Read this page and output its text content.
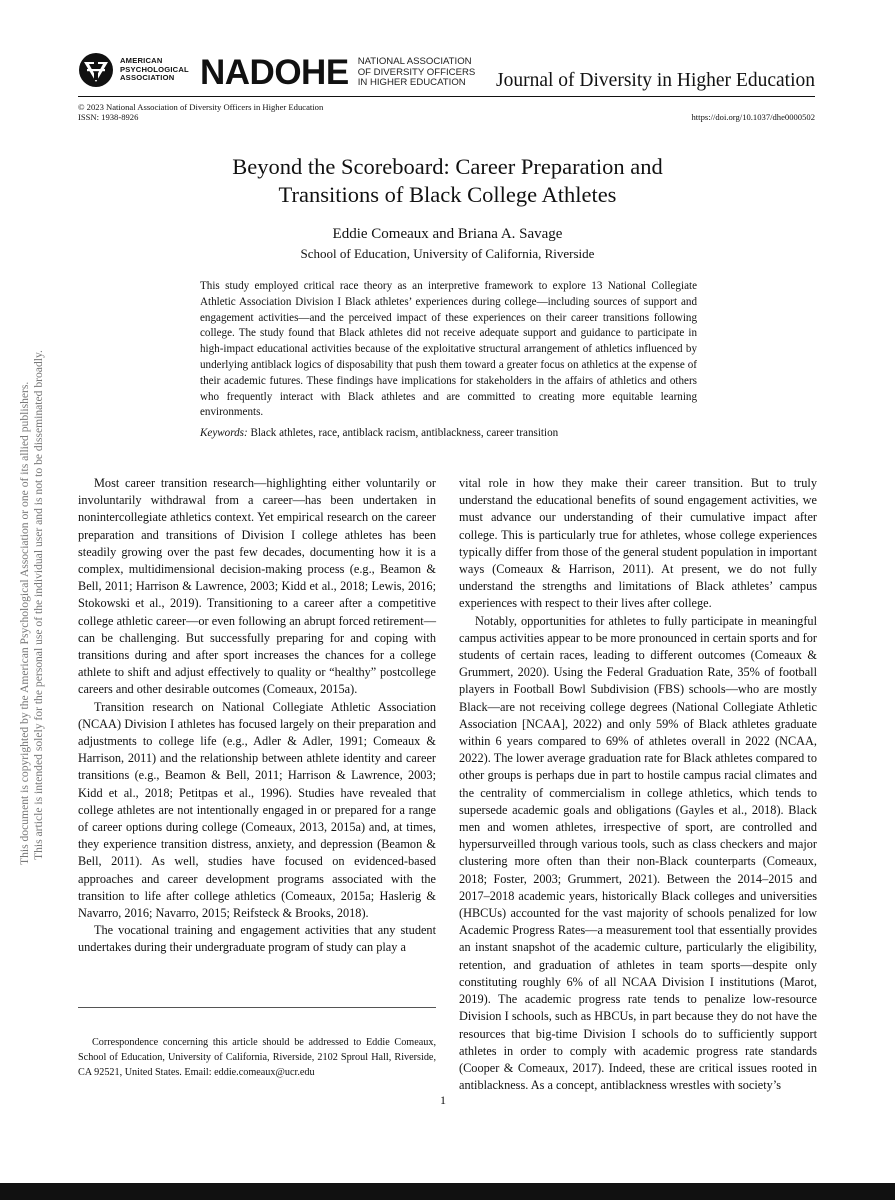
AMERICAN
PSYCHOLOGICAL
ASSOCIATION NADOHE NATIONAL ASSOCIATION
OF DIVERSITY OFFICERS
IN HIGHER EDUCATION	Journal of Diversity in Higher Education
© 2023 National Association of Diversity Officers in Higher Education
ISSN: 1938-8926	https://doi.org/10.1037/dhe0000502
Beyond the Scoreboard: Career Preparation and
Transitions of Black College Athletes
Eddie Comeaux and Briana A. Savage
School of Education, University of California, Riverside

This study employed critical race theory as an interpretive framework to explore 13 National Collegiate Athletic Association Division I Black athletes’ experiences during college—including sources of support and engagement activities—and the perceived impact of these experiences on their career transitions following college. The study found that Black athletes did not receive adequate support and guidance to participate in high-impact educational activities because of the exploitative structural arrangement of athletics influenced by underlying antiblack logics of disposability that push them toward a greater focus on athletics at the expense of their academic futures. These findings have implications for stakeholders in the affairs of athletics and others who frequently interact with Black athletes and are committed to creating more equitable learning environments.

Keywords: Black athletes, race, antiblack racism, antiblackness, career transition
This document is copyrighted by the American Psychological Association or one of its allied publishers. This article is intended solely for the personal use of the individual user and is not to be disseminated broadly.	Most career transition research—highlighting either voluntarily or involuntarily withdrawal from a career—has been undertaken in nonintercollegiate athletics context. Yet empirical research on the career preparation and transitions of Division I college athletes has been steadily growing over the past few decades, documenting how it is a complex, multidimensional decision-making process (e.g., Beamon & Bell, 2011; Harrison & Lawrence, 2003; Kidd et al., 2018; Lewis, 2016; Stokowski et al., 2019). Transitioning to a career after a competitive college athletic career—or even following an abrupt forced retirement—can be challenging. But successfully preparing for and coping with transitions during and after sport increases the chances for a college athlete to shift and adjust effectively to quality or “healthy” postcollege careers and other desirable outcomes (Comeaux, 2015a).

Transition research on National Collegiate Athletic Association (NCAA) Division I athletes has focused largely on their preparation and adjustments to college life (e.g., Adler & Adler, 1991; Comeaux & Harrison, 2011) and the relationship between athlete identity and career transitions (e.g., Beamon & Bell, 2011; Harrison & Lawrence, 2003; Kidd et al., 2018; Petitpas et al., 1996). Studies have revealed that college athletes are not intentionally engaged in or prepared for a range of career options during college (Comeaux, 2013, 2015a) and, at times, they experience transition distress, anxiety, and depression (Beamon & Bell, 2011). As well, studies have focused on evidenced-based approaches and career development programs associated with the transition to life after college athletics (Comeaux, 2015a; Haslerig & Navarro, 2016; Navarro, 2015; Reifsteck & Brooks, 2018).

The vocational training and engagement activities that any student undertakes during their undergraduate program of study can play a

vital role in how they make their career transition. But to truly understand the educational benefits of sound engagement activities, we must advance our understanding of their cumulative impact after college. This is particularly true for athletes, whose college experiences typically differ from those of the general student population in important ways (Comeaux & Harrison, 2011). At present, we do not fully understand the strengths and limitations of Black athletes’ campus experiences with respect to their lives after college.

Notably, opportunities for athletes to fully participate in meaningful campus activities appear to be more pronounced in certain sports and for students of certain races, leading to different outcomes (Comeaux & Grummert, 2020). Using the Federal Graduation Rate, 35% of football players in Football Bowl Subdivision (FBS) schools—who are mostly Black—are not receiving college degrees (National Collegiate Athletic Association [NCAA], 2022) and only 59% of Black athletes graduate within 6 years compared to 69% of athletes overall in 2022 (NCAA, 2022). The lower average graduation rate for Black athletes compared to other groups is perhaps due in part to hostile campus racial climates and the centrality of commercialism in college athletics, which tends to supersede academic goals and obligations (Gayles et al., 2018). Black men and women athletes, irrespective of sport, are controlled and hypersurveilled through various tools, such as class checkers and major clustering more often than their non-Black counterparts (Comeaux, 2018; Foster, 2003; Grummert, 2021). Between the 2014–2015 and 2017–2018 academic years, historically Black colleges and universities (HBCUs) accounted for the vast majority of schools penalized for low Academic Progress Rates—a measurement tool that essentially provides an instant snapshot of the academic culture, particularly the eligibility, retention, and graduation of athletes in team sports—despite only constituting roughly 6% of all NCAA Division I institutions (Marot, 2019). The academic progress rate tends to penalize low-resource Division I schools, such as HBCUs, in part because they do not have the resources that big-time Division I schools do to sufficiently support athletes in order to comply with academic progress rate standards (Cooper & Comeaux, 2017). Indeed, these are critical issues rooted in antiblackness. As a concept, antiblackness wrestles with society’s

Correspondence concerning this article should be addressed to Eddie Comeaux, School of Education, University of California, Riverside, 2102 Sproul Hall, Riverside, CA 92521, United States. Email: eddie.comeaux@ucr.edu
1
